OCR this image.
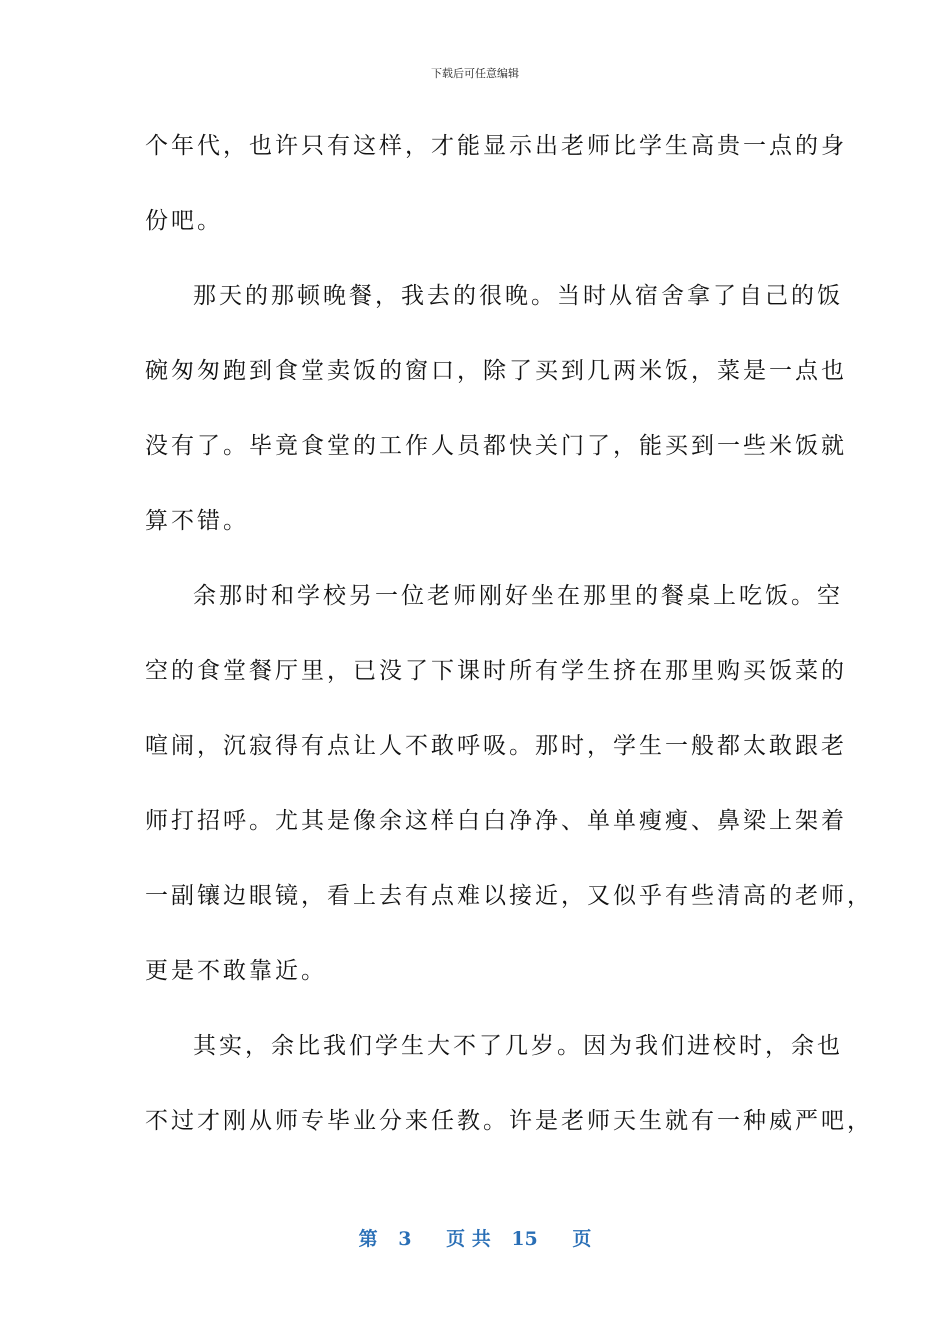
下载后可任意编辑
个年代，也许只有这样，才能显示出老师比学生高贵一点的身
份吧。
那天的那顿晚餐，我去的很晚。当时从宿舍拿了自己的饭
碗匆匆跑到食堂卖饭的窗口，除了买到几两米饭，菜是一点也
没有了。毕竟食堂的工作人员都快关门了，能买到一些米饭就
算不错。
余那时和学校另一位老师刚好坐在那里的餐桌上吃饭。空
空的食堂餐厅里，已没了下课时所有学生挤在那里购买饭菜的
喧闹，沉寂得有点让人不敢呼吸。那时，学生一般都太敢跟老
师打招呼。尤其是像余这样白白净净、单单瘦瘦、鼻梁上架着
一副镶边眼镜，看上去有点难以接近，又似乎有些清高的老师，
更是不敢靠近。
其实，余比我们学生大不了几岁。因为我们进校时，余也
不过才刚从师专毕业分来任教。许是老师天生就有一种威严吧，
第 3 页 共 15 页
